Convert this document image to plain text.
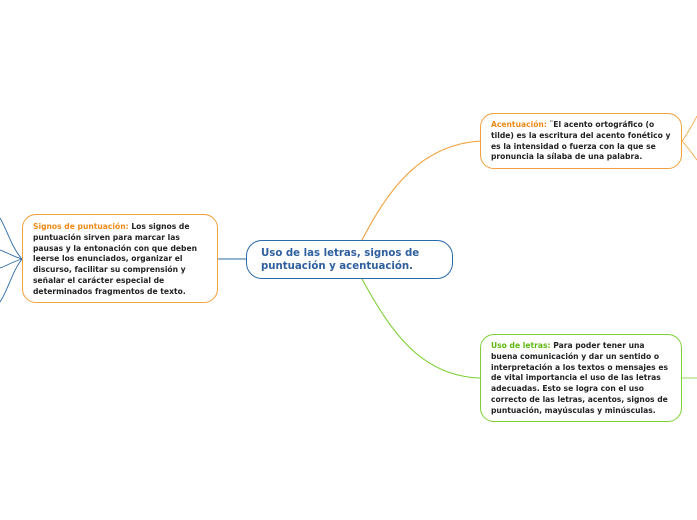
Uso de las letras, signos de puntuación y acentuación.
Acentuación: ¨El acento ortográfico (o tilde) es la escritura del acento fonético y es la intensidad o fuerza con la que se pronuncia la sílaba de una palabra.
Signos de puntuación: Los signos de puntuación sirven para marcar las pausas y la entonación con que deben leerse los enunciados, organizar el discurso, facilitar su comprensión y señalar el carácter especial de determinados fragmentos de texto.
Uso de letras: Para poder tener una buena comunicación y dar un sentido o interpretación a los textos o mensajes es de vital importancia el uso de las letras adecuadas. Esto se logra con el uso correcto de las letras, acentos, signos de puntuación, mayúsculas y minúsculas.
